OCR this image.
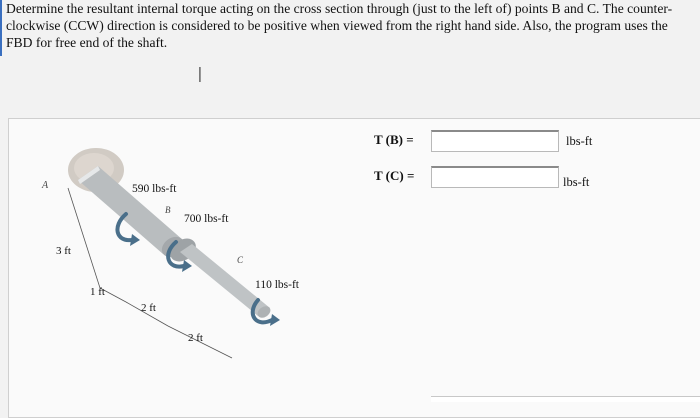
Determine the resultant internal torque acting on the cross section through (just to the left of) points B and C. The counter-
clockwise (CCW) direction is considered to be positive when viewed from the right hand side. Also, the program uses the
FBD for free end of the shaft.
I
A
B
C
590 lbs-ft
700 lbs-ft
110 lbs-ft
3 ft
1 ft
2 ft
2 ft
T (B) =	lbs-ft
T (C) =	lbs-ft
